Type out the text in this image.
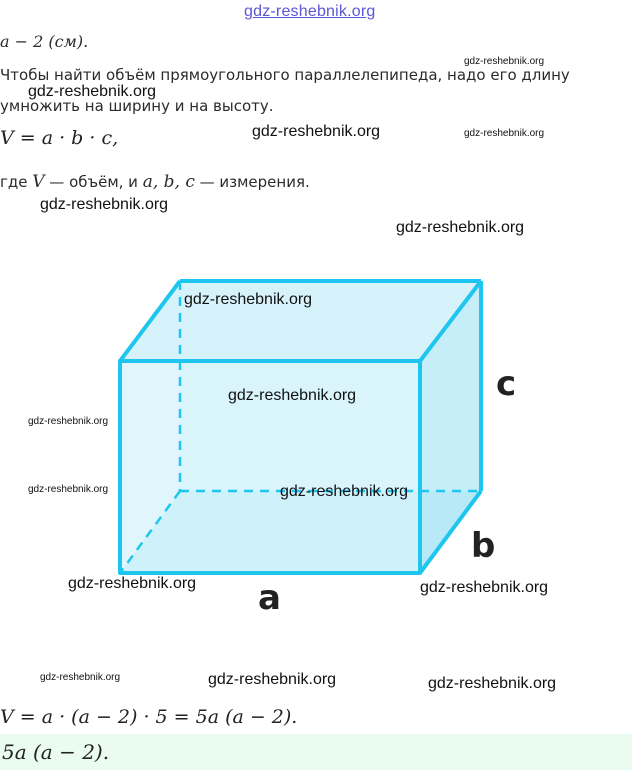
gdz-reshebnik.org
a − 2 (см).
Чтобы найти объём прямоугольного параллелепипеда, надо его длину
умножить на ширину и на высоту.
V = a · b · c,
где V — объём, и a, b, c — измерения.
a
b
c
gdz-reshebnik.org
gdz-reshebnik.org
gdz-reshebnik.org	gdz-reshebnik.org
gdz-reshebnik.org
gdz-reshebnik.org
gdz-reshebnik.org
gdz-reshebnik.org
gdz-reshebnik.org
gdz-reshebnik.org	gdz-reshebnik.org
gdz-reshebnik.org	gdz-reshebnik.org
gdz-reshebnik.org	gdz-reshebnik.org	gdz-reshebnik.org
V = a · (a − 2) · 5 = 5a (a − 2).
5a (a − 2).
